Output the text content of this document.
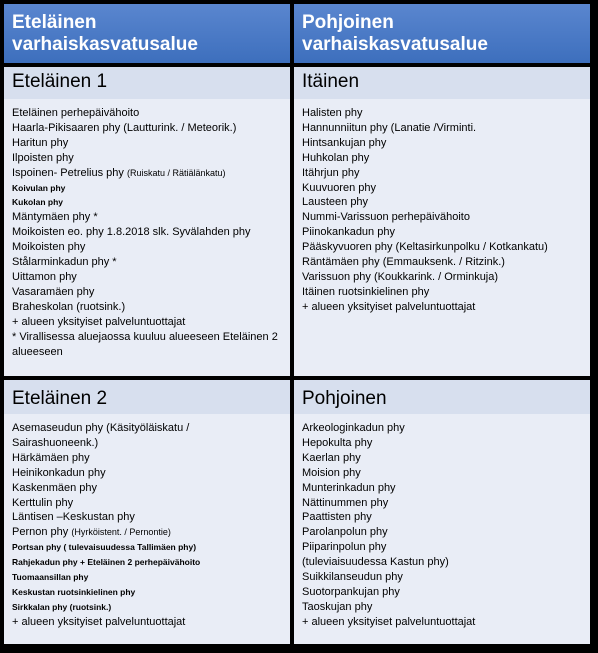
Eteläinen varhaiskasvatusalue
Pohjoinen varhaiskasvatusalue
Eteläinen 1	Itäinen
Eteläinen perhepäivähoito
Haarla-Pikisaaren phy (Lautturink. / Meteorik.)
Haritun phy
Ilpoisten phy
Ispoinen- Petrelius phy (Ruiskatu / Rätiälänkatu)
Koivulan phy
Kukolan phy
Mäntymäen phy *
Moikoisten eo. phy 1.8.2018 slk. Syvälahden phy
Moikoisten phy
Stålarminkadun phy *
Uittamon phy
Vasaramäen phy
Braheskolan (ruotsink.)
+ alueen yksityiset palveluntuottajat
* Virallisessa aluejaossa kuuluu alueeseen Eteläinen 2 alueeseen
Halisten phy
Hannunniitun phy (Lanatie /Virminti.
Hintsankujan phy
Huhkolan phy
Itährjun phy
Kuuvuoren phy
Lausteen phy
Nummi-Varissuon perhepäivähoito
Piinokankadun phy
Pääskyvuoren phy (Keltasirkunpolku / Kotkankatu)
Räntämäen phy (Emmauksenk. / Ritzink.)
Varissuon phy (Koukkarink. / Orminkuja)
Itäinen ruotsinkielinen phy
+ alueen yksityiset palveluntuottajat
Eteläinen 2	Pohjoinen
Asemaseudun phy (Käsityöläiskatu /
Sairashuoneenk.)
Härkämäen phy
Heinikonkadun phy
Kaskenmäen phy
Kerttulin phy
Läntisen –Keskustan phy
Pernon phy (Hyrköistent. / Pernontie)
Portsan phy ( tulevaisuudessa Tallimäen phy)
Rahjekadun phy + Eteläinen 2 perhepäivähoito
Tuomaansillan phy
Keskustan ruotsinkielinen phy
Sirkkalan phy (ruotsink.)
+ alueen yksityiset palveluntuottajat
Arkeologinkadun phy
Hepokulta phy
Kaerlan phy
Moision phy
Munterinkadun phy
Nättinummen phy
Paattisten phy
Parolanpolun phy
Piiparinpolun phy
(tuleviaisuudessa Kastun phy)
Suikkilanseudun phy
Suotorpankujan phy
Taoskujan phy
+ alueen yksityiset palveluntuottajat
